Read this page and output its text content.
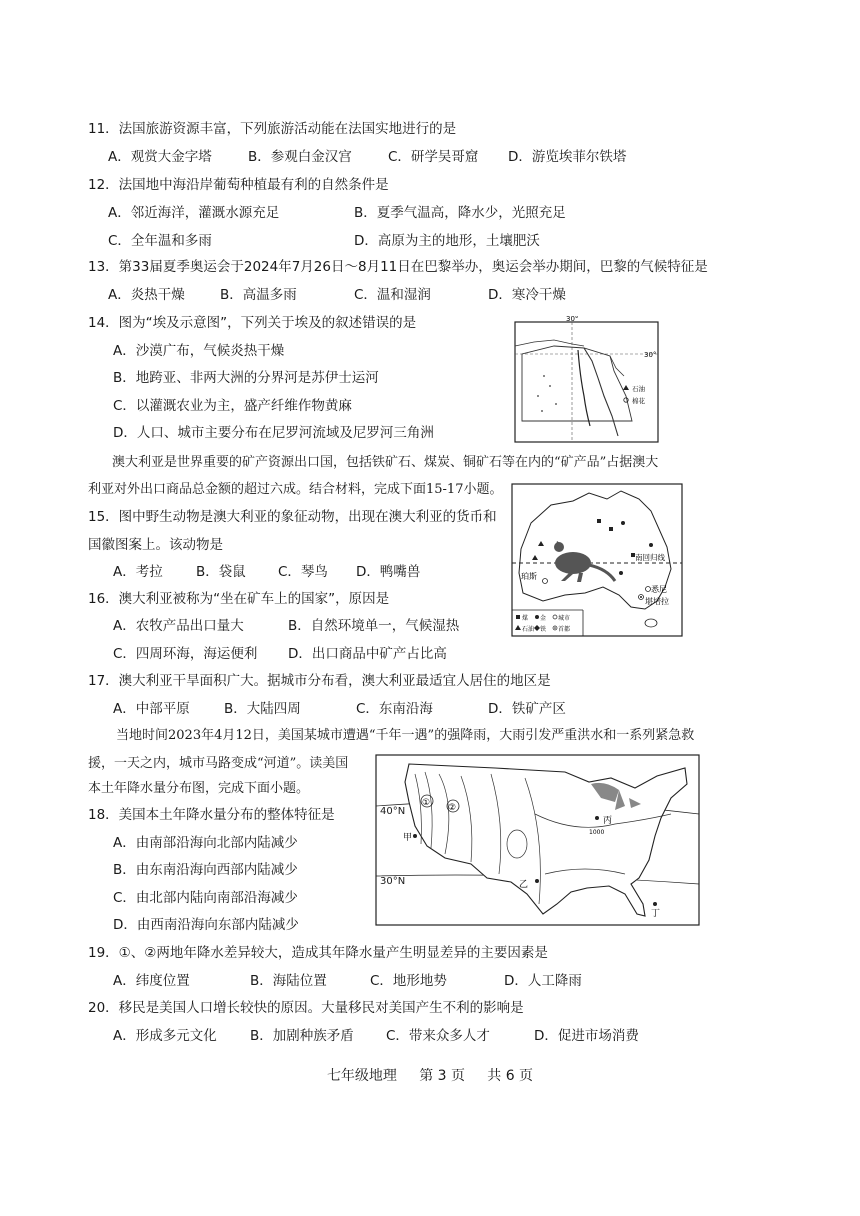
11．法国旅游资源丰富，下列旅游活动能在法国实地进行的是
A．观赏大金字塔	B．参观白金汉宫	C．研学吴哥窟 D．游览埃菲尔铁塔
12．法国地中海沿岸葡萄种植最有利的自然条件是
A．邻近海洋，灌溉水源充足	B．夏季气温高，降水少，光照充足
C．全年温和多雨	D．高原为主的地形，土壤肥沃
13．第33届夏季奥运会于2024年7月26日～8月11日在巴黎举办，奥运会举办期间，巴黎的气候特征是
A．炎热干燥	B．高温多雨	C．温和湿润	D．寒冷干燥
14．图为“埃及示意图”，下列关于埃及的叙述错误的是
A．沙漠广布，气候炎热干燥
B．地跨亚、非两大洲的分界河是苏伊士运河
C．以灌溉农业为主，盛产纤维作物黄麻
D．人口、城市主要分布在尼罗河流域及尼罗河三角洲
30°
30°
石油
棉花
澳大利亚是世界重要的矿产资源出口国，包括铁矿石、煤炭、铜矿石等在内的“矿产品”占据澳大
利亚对外出口商品总金额的超过六成。结合材料，完成下面15-17小题。
15．图中野生动物是澳大利亚的象征动物，出现在澳大利亚的货币和
国徽图案上。该动物是
A．考拉 B．袋鼠 C．琴鸟 D．鸭嘴兽
南回归线
珀斯
悉尼
堪培拉
煤 金 城市
石油 铁 首都
16．澳大利亚被称为“坐在矿车上的国家”，原因是
A．农牧产品出口量大	B．自然环境单一，气候湿热
C．四周环海，海运便利 D．出口商品中矿产占比高
17．澳大利亚干旱面积广大。据城市分布看，澳大利亚最适宜人居住的地区是
A．中部平原	B．大陆四周	C．东南沿海	D．铁矿产区
当地时间2023年4月12日，美国某城市遭遇“千年一遇”的强降雨，大雨引发严重洪水和一系列紧急救
援，一天之内，城市马路变成“河道”。读美国
本土年降水量分布图，完成下面小题。
① ②
甲
乙
丙
丁
1000
40°N
30°N
18．美国本土年降水量分布的整体特征是
A．由南部沿海向北部内陆减少
B．由东南沿海向西部内陆减少
C．由北部内陆向南部沿海减少
D．由西南沿海向东部内陆减少
19．①、②两地年降水差异较大，造成其年降水量产生明显差异的主要因素是
A．纬度位置	B．海陆位置	C．地形地势	D．人工降雨
20．移民是美国人口增长较快的原因。大量移民对美国产生不利的影响是
A．形成多元文化 B．加剧种族矛盾 C．带来众多人才	D．促进市场消费
七年级地理     第 3 页     共 6 页
